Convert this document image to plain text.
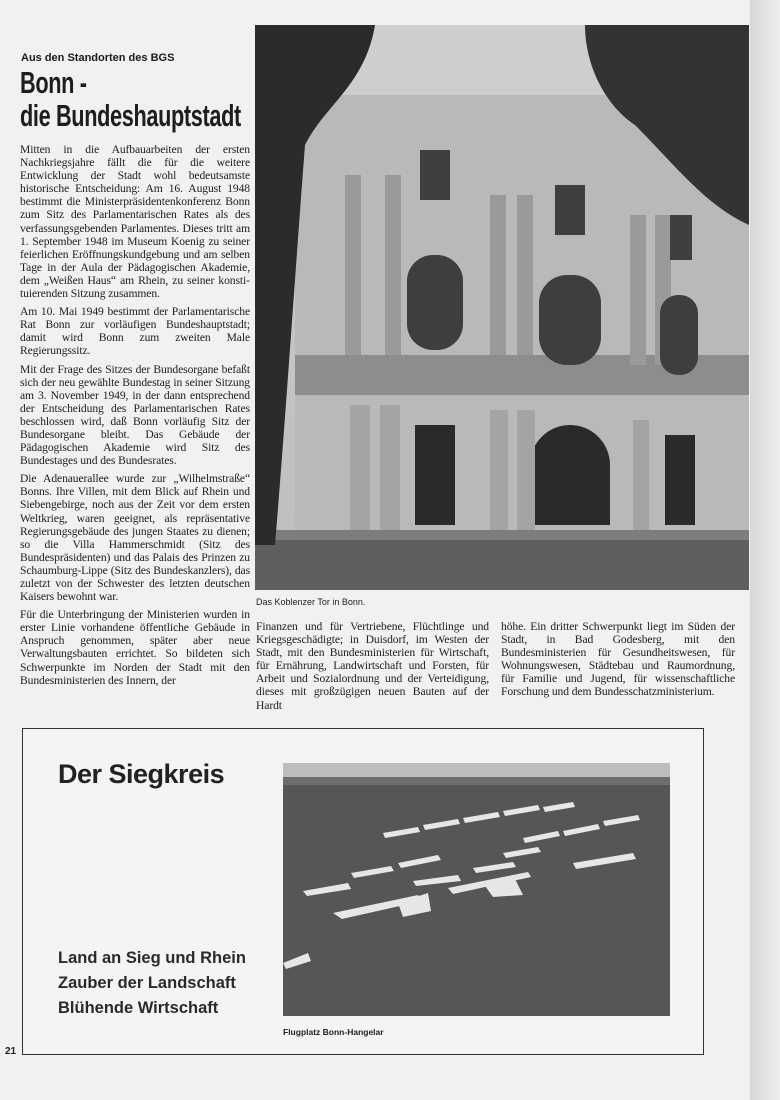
Aus den Standorten des BGS
Bonn -
die Bundeshauptstadt

Mitten in die Aufbauarbeiten der ersten Nachkriegsjahre fällt die für die weitere Entwicklung der Stadt wohl bedeutsamste historische Entscheidung: Am 16. August 1948 bestimmt die Ministerpräsidentenkonferenz Bonn zum Sitz des Parlamentarischen Rates als des verfassungsgebenden Parlamentes. Dieses tritt am 1. September 1948 im Museum Koenig zu seiner feierlichen Eröffnungskundgebung und am selben Tage in der Aula der Pädagogischen Akademie, dem „Weißen Haus“ am Rhein, zu seiner konstituierenden Sitzung zusammen.

Am 10. Mai 1949 bestimmt der Parlamentarische Rat Bonn zur vorläufigen Bundeshauptstadt; damit wird Bonn zum zweiten Male Regierungssitz.

Mit der Frage des Sitzes der Bundesorgane befaßt sich der neu gewählte Bundestag in seiner Sitzung am 3. November 1949, in der dann entsprechend der Entscheidung des Parlamentarischen Rates beschlossen wird, daß Bonn vorläufig Sitz der Bundesorgane bleibt. Das Gebäude der Pädagogischen Akademie wird Sitz des Bundestages und des Bundesrates.

Die Adenauerallee wurde zur „Wilhelmstraße“ Bonns. Ihre Villen, mit dem Blick auf Rhein und Siebengebirge, noch aus der Zeit vor dem ersten Weltkrieg, waren geeignet, als repräsentative Regierungsgebäude des jungen Staates zu dienen; so die Villa Hammerschmidt (Sitz des Bundespräsidenten) und das Palais des Prinzen zu Schaumburg-Lippe (Sitz des Bundeskanzlers), das zuletzt von der Schwester des letzten deutschen Kaisers bewohnt war.

Für die Unterbringung der Ministerien wurden in erster Linie vorhandene öffentliche Gebäude in Anspruch genommen, später aber neue Verwaltungsbauten errichtet. So bildeten sich Schwerpunkte im Norden der Stadt mit den Bundesministerien des Innern, der

Das Koblenzer Tor in Bonn.
Finanzen und für Vertriebene, Flüchtlinge und Kriegsgeschädigte; in Duisdorf, im Westen der Stadt, mit den Bundesministerien für Wirtschaft, für Ernährung, Landwirtschaft und Forsten, für Arbeit und Sozialordnung und der Verteidigung, dieses mit großzügigen neuen Bauten auf der Hardt
höhe. Ein dritter Schwerpunkt liegt im Süden der Stadt, in Bad Godesberg, mit den Bundesministerien für Gesundheitswesen, für Wohnungswesen, Städtebau und Raumordnung, für Familie und Jugend, für wissenschaftliche Forschung und dem Bundesschatzministerium.
Der Siegkreis
Land an Sieg und Rhein
Zauber der Landschaft
Blühende Wirtschaft
Flugplatz Bonn-Hangelar
21
